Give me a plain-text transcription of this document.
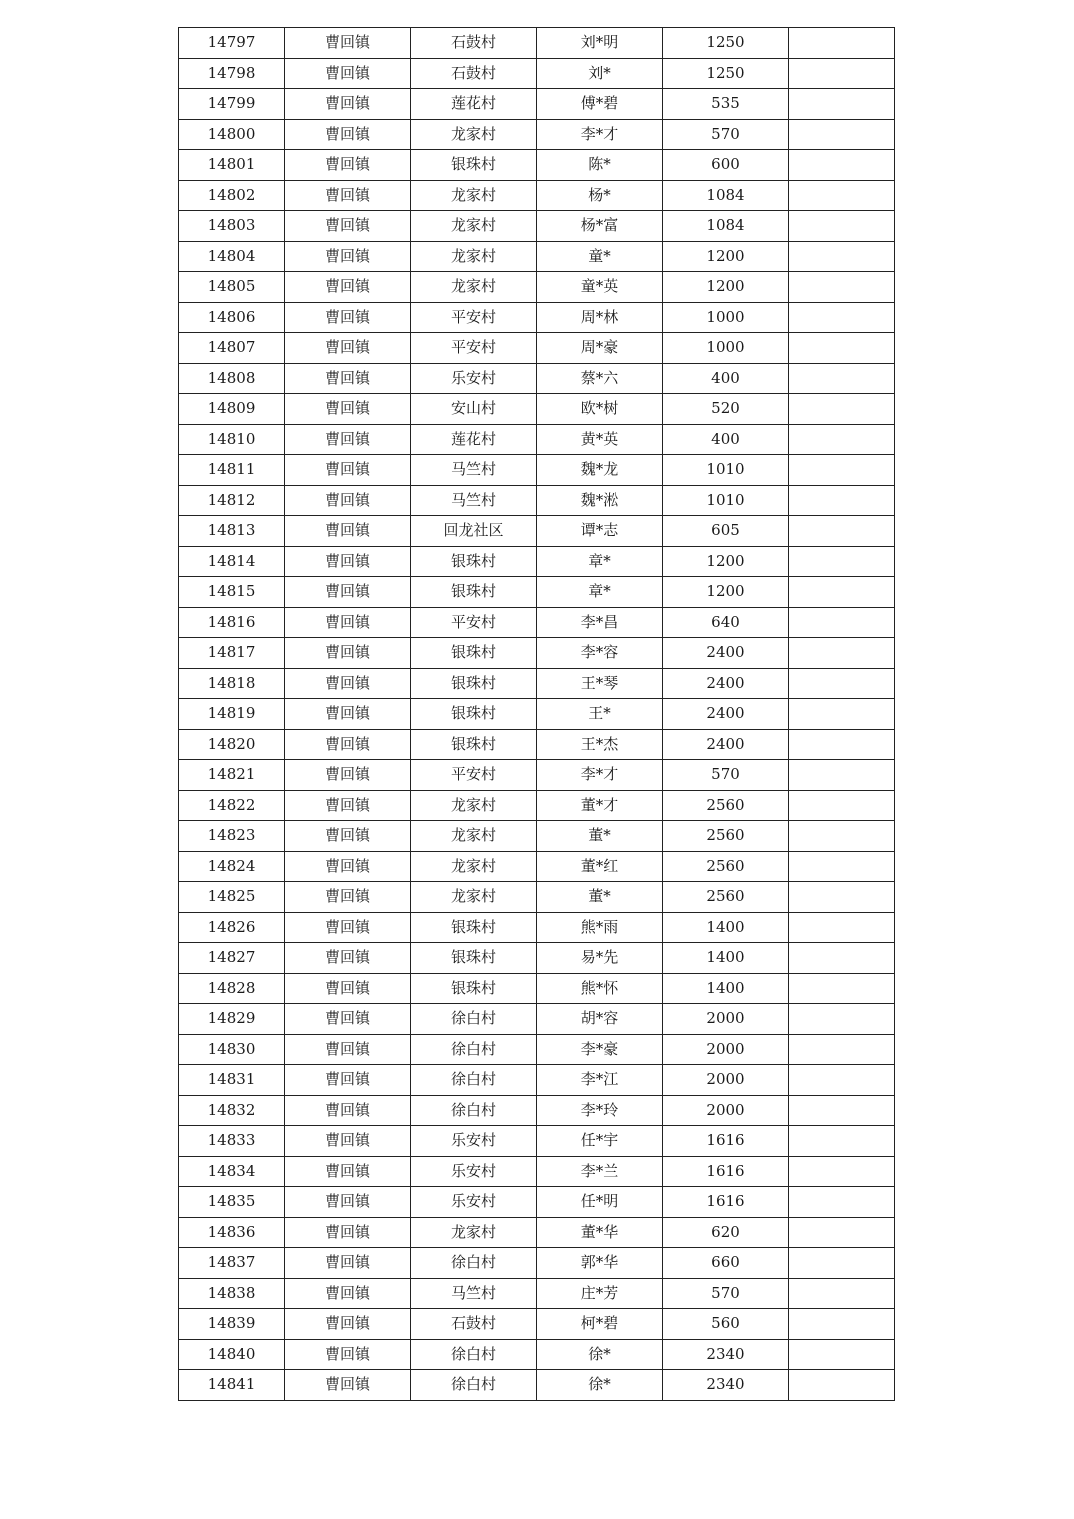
14797	曹回镇	石鼓村	刘*明	1250	
14798	曹回镇	石鼓村	刘*	1250	
14799	曹回镇	莲花村	傅*碧	535	
14800	曹回镇	龙家村	李*才	570	
14801	曹回镇	银珠村	陈*	600	
14802	曹回镇	龙家村	杨*	1084	
14803	曹回镇	龙家村	杨*富	1084	
14804	曹回镇	龙家村	童*	1200	
14805	曹回镇	龙家村	童*英	1200	
14806	曹回镇	平安村	周*林	1000	
14807	曹回镇	平安村	周*豪	1000	
14808	曹回镇	乐安村	蔡*六	400	
14809	曹回镇	安山村	欧*树	520	
14810	曹回镇	莲花村	黄*英	400	
14811	曹回镇	马竺村	魏*龙	1010	
14812	曹回镇	马竺村	魏*淞	1010	
14813	曹回镇	回龙社区	谭*志	605	
14814	曹回镇	银珠村	章*	1200	
14815	曹回镇	银珠村	章*	1200	
14816	曹回镇	平安村	李*昌	640	
14817	曹回镇	银珠村	李*容	2400	
14818	曹回镇	银珠村	王*琴	2400	
14819	曹回镇	银珠村	王*	2400	
14820	曹回镇	银珠村	王*杰	2400	
14821	曹回镇	平安村	李*才	570	
14822	曹回镇	龙家村	董*才	2560	
14823	曹回镇	龙家村	董*	2560	
14824	曹回镇	龙家村	董*红	2560	
14825	曹回镇	龙家村	董*	2560	
14826	曹回镇	银珠村	熊*雨	1400	
14827	曹回镇	银珠村	易*先	1400	
14828	曹回镇	银珠村	熊*怀	1400	
14829	曹回镇	徐白村	胡*容	2000	
14830	曹回镇	徐白村	李*豪	2000	
14831	曹回镇	徐白村	李*江	2000	
14832	曹回镇	徐白村	李*玲	2000	
14833	曹回镇	乐安村	任*宇	1616	
14834	曹回镇	乐安村	李*兰	1616	
14835	曹回镇	乐安村	任*明	1616	
14836	曹回镇	龙家村	董*华	620	
14837	曹回镇	徐白村	郭*华	660	
14838	曹回镇	马竺村	庄*芳	570	
14839	曹回镇	石鼓村	柯*碧	560	
14840	曹回镇	徐白村	徐*	2340	
14841	曹回镇	徐白村	徐*	2340	
